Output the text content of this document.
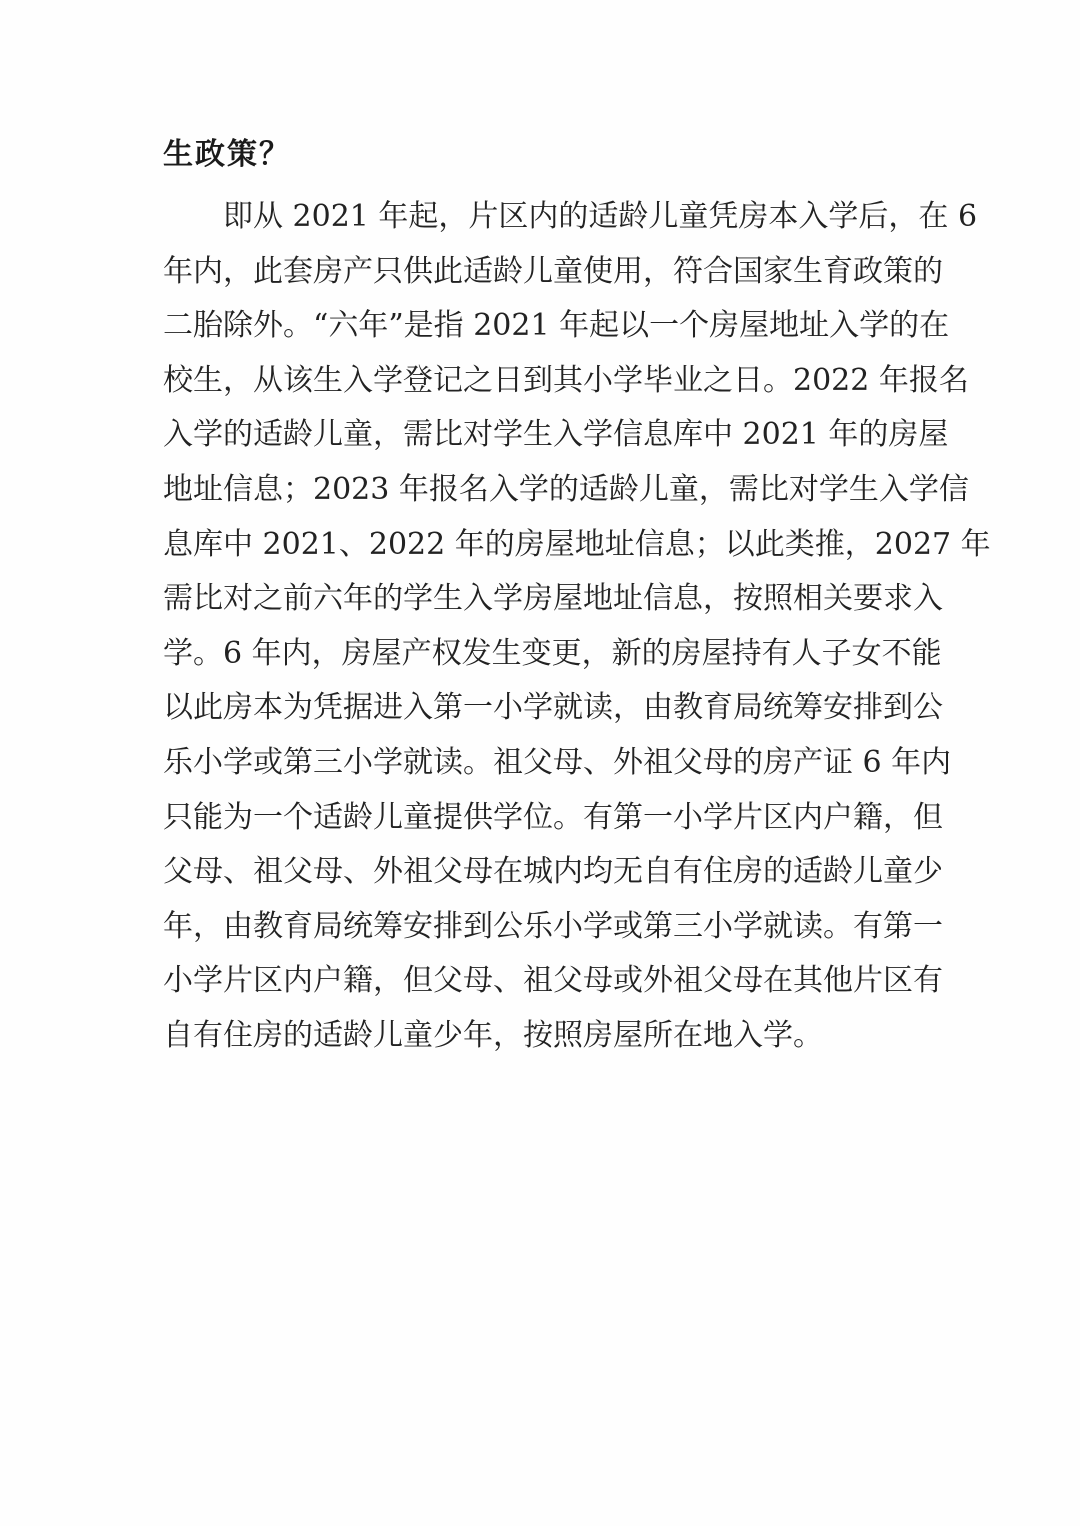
生政策？
即从 2021 年起，片区内的适龄儿童凭房本入学后，在 6
年内，此套房产只供此适龄儿童使用，符合国家生育政策的
二胎除外。“六年”是指 2021 年起以一个房屋地址入学的在
校生，从该生入学登记之日到其小学毕业之日。2022 年报名
入学的适龄儿童，需比对学生入学信息库中 2021 年的房屋
地址信息；2023 年报名入学的适龄儿童，需比对学生入学信
息库中 2021、2022 年的房屋地址信息；以此类推，2027 年
需比对之前六年的学生入学房屋地址信息，按照相关要求入
学。6 年内，房屋产权发生变更，新的房屋持有人子女不能
以此房本为凭据进入第一小学就读，由教育局统筹安排到公
乐小学或第三小学就读。祖父母、外祖父母的房产证 6 年内
只能为一个适龄儿童提供学位。有第一小学片区内户籍，但
父母、祖父母、外祖父母在城内均无自有住房的适龄儿童少
年，由教育局统筹安排到公乐小学或第三小学就读。有第一
小学片区内户籍，但父母、祖父母或外祖父母在其他片区有
自有住房的适龄儿童少年，按照房屋所在地入学。
